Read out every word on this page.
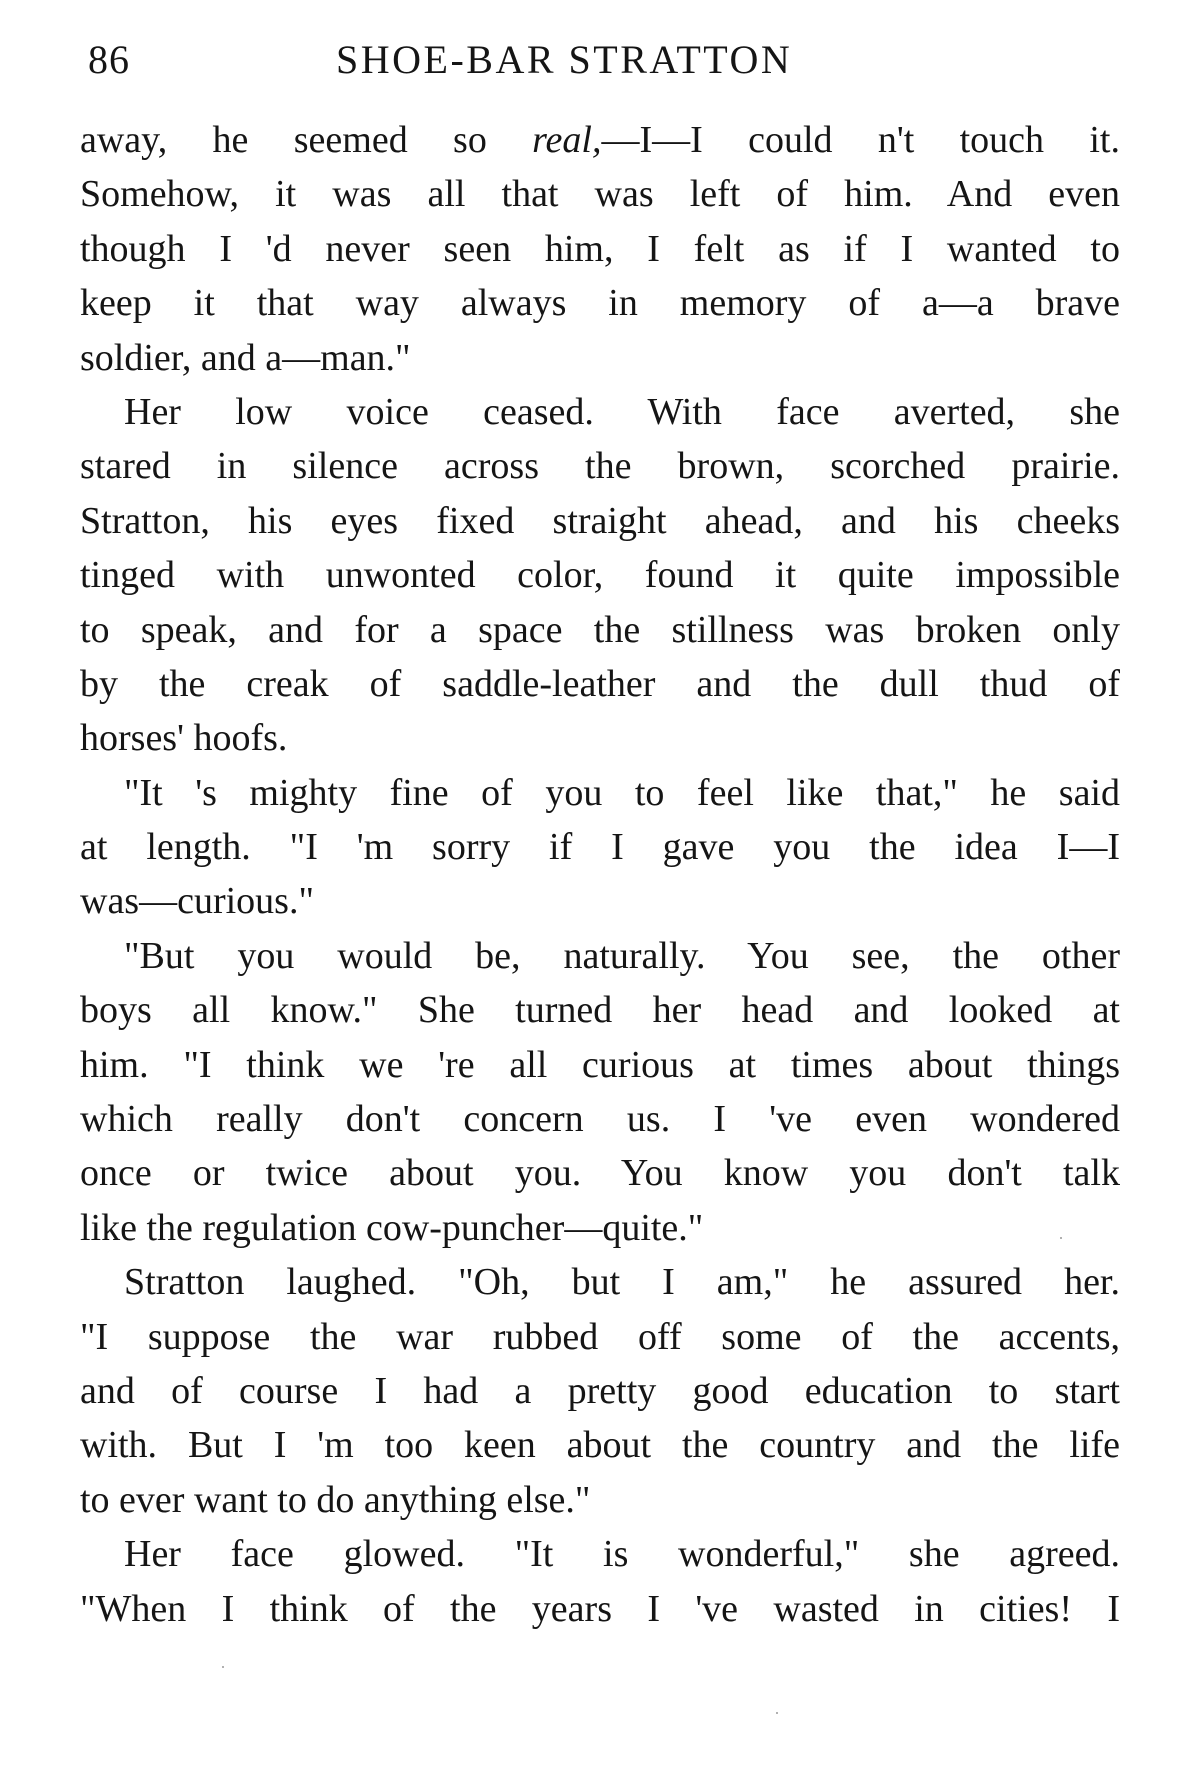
86	SHOE-BAR STRATTON
away, he seemed so real,—I—I could n't touch it.
Somehow, it was all that was left of him. And even
though I 'd never seen him, I felt as if I wanted to
keep it that way always in memory of a—a brave
soldier, and a—man."
Her low voice ceased. With face averted, she
stared in silence across the brown, scorched prairie.
Stratton, his eyes fixed straight ahead, and his cheeks
tinged with unwonted color, found it quite impossible
to speak, and for a space the stillness was broken only
by the creak of saddle-leather and the dull thud of
horses' hoofs.
"It 's mighty fine of you to feel like that," he said
at length. "I 'm sorry if I gave you the idea I—I
was—curious."
"But you would be, naturally. You see, the other
boys all know." She turned her head and looked at
him. "I think we 're all curious at times about things
which really don't concern us. I 've even wondered
once or twice about you. You know you don't talk
like the regulation cow-puncher—quite."
Stratton laughed. "Oh, but I am," he assured her.
"I suppose the war rubbed off some of the accents,
and of course I had a pretty good education to start
with. But I 'm too keen about the country and the life
to ever want to do anything else."
Her face glowed. "It is wonderful," she agreed.
"When I think of the years I 've wasted in cities! I
